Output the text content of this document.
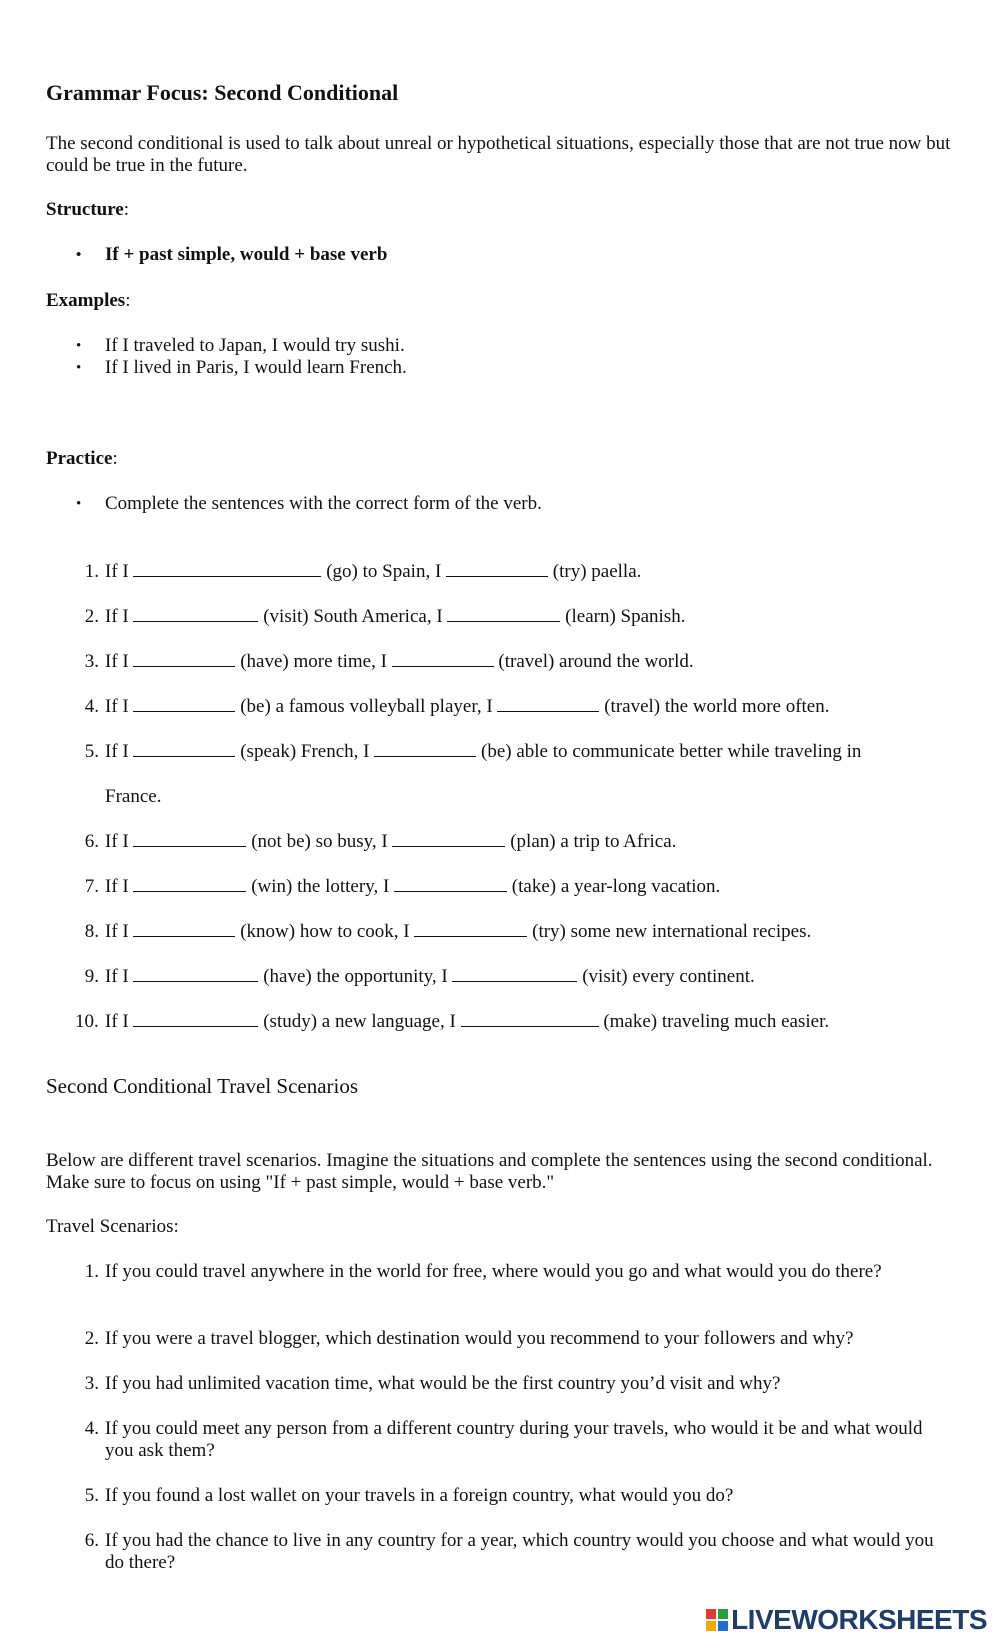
Grammar Focus: Second Conditional
The second conditional is used to talk about unreal or hypothetical situations, especially those that are not true now but could be true in the future.
Structure:
• If + past simple, would + base verb
Examples:
• If I traveled to Japan, I would try sushi.
• If I lived in Paris, I would learn French.
Practice:
• Complete the sentences with the correct form of the verb.
1. If I	(go) to Spain, I	(try) paella.
2. If I	(visit) South America, I	(learn) Spanish.
3. If I	(have) more time, I	(travel) around the world.
4. If I	(be) a famous volleyball player, I	(travel) the world more often.
5. If I	(speak) French, I	(be) able to communicate better while traveling in
France.
6. If I	(not be) so busy, I	(plan) a trip to Africa.
7. If I	(win) the lottery, I	(take) a year-long vacation.
8. If I	(know) how to cook, I	(try) some new international recipes.
9. If I	(have) the opportunity, I	(visit) every continent.
10. If I	(study) a new language, I	(make) traveling much easier.
Second Conditional Travel Scenarios
Below are different travel scenarios. Imagine the situations and complete the sentences using the second conditional. Make sure to focus on using "If + past simple, would + base verb."
Travel Scenarios:
1. If you could travel anywhere in the world for free, where would you go and what would you do there?
2. If you were a travel blogger, which destination would you recommend to your followers and why?
3. If you had unlimited vacation time, what would be the first country you’d visit and why?
4. If you could meet any person from a different country during your travels, who would it be and what would you ask them?
5. If you found a lost wallet on your travels in a foreign country, what would you do?
6. If you had the chance to live in any country for a year, which country would you choose and what would you do there?
LIVEWORKSHEETS
